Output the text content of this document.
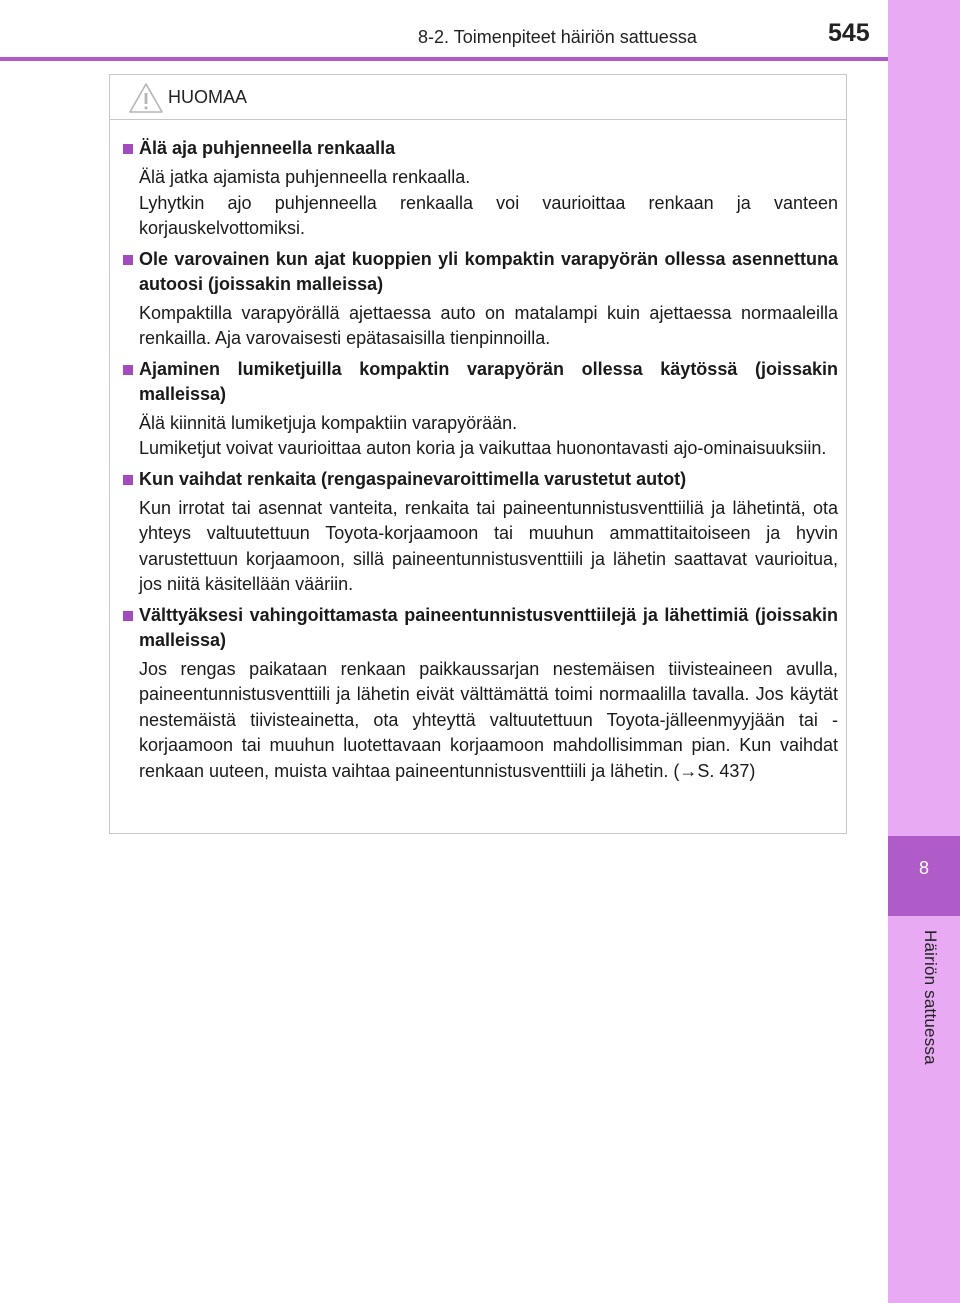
8-2. Toimenpiteet häiriön sattuessa	545
8
Häiriön sattuessa
HUOMAA
Älä aja puhjenneella renkaalla

Älä jatka ajamista puhjenneella renkaalla.

Lyhytkin ajo puhjenneella renkaalla voi vaurioittaa renkaan ja vanteen korjauskelvottomiksi.

Ole varovainen kun ajat kuoppien yli kompaktin varapyörän ollessa asennettuna autoosi (joissakin malleissa)

Kompaktilla varapyörällä ajettaessa auto on matalampi kuin ajettaessa normaaleilla renkailla. Aja varovaisesti epätasaisilla tienpinnoilla.

Ajaminen lumiketjuilla kompaktin varapyörän ollessa käytössä (joissakin malleissa)

Älä kiinnitä lumiketjuja kompaktiin varapyörään.

Lumiketjut voivat vaurioittaa auton koria ja vaikuttaa huonontavasti ajo-ominaisuuksiin.

Kun vaihdat renkaita (rengaspainevaroittimella varustetut autot)

Kun irrotat tai asennat vanteita, renkaita tai paineentunnistusventtiiliä ja lähetintä, ota yhteys valtuutettuun Toyota-korjaamoon tai muuhun ammattitaitoiseen ja hyvin varustettuun korjaamoon, sillä paineentunnistusventtiili ja lähetin saattavat vaurioitua, jos niitä käsitellään vääriin.

Välttyäksesi vahingoittamasta paineentunnistusventtiilejä ja lähettimiä (joissakin malleissa)

Jos rengas paikataan renkaan paikkaussarjan nestemäisen tiivisteaineen avulla, paineentunnistusventtiili ja lähetin eivät välttämättä toimi normaalilla tavalla. Jos käytät nestemäistä tiivisteainetta, ota yhteyttä valtuutettuun Toyota-jälleenmyyjään tai -korjaamoon tai muuhun luotettavaan korjaamoon mahdollisimman pian. Kun vaihdat renkaan uuteen, muista vaihtaa paineentunnistusventtiili ja lähetin. (→S. 437)
